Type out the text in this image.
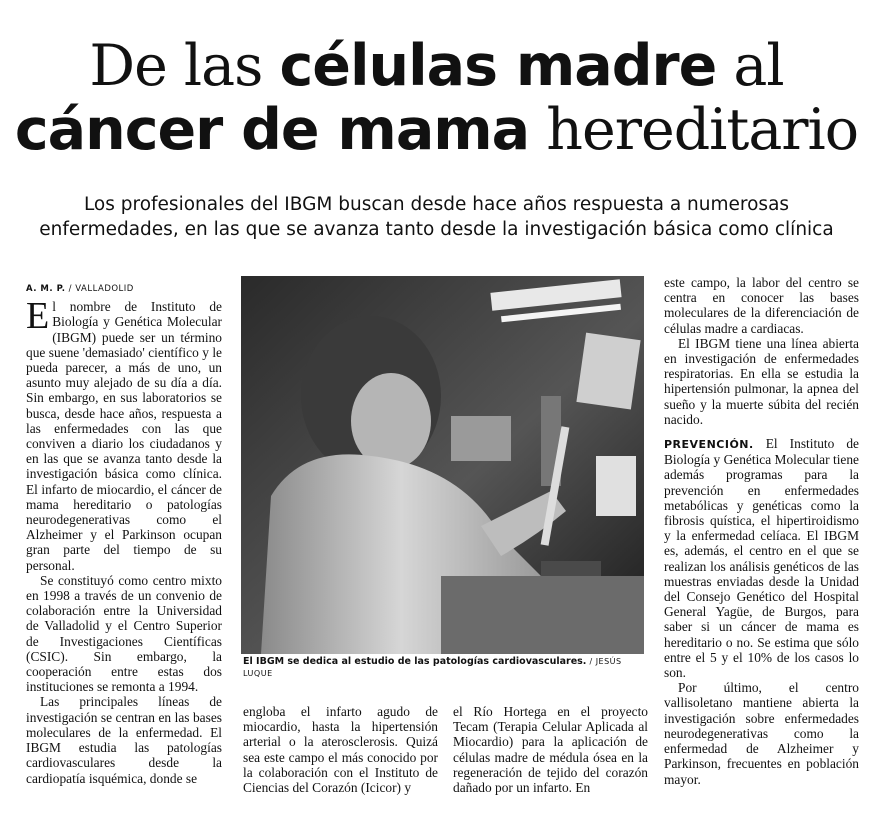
De las células madre al
cáncer de mama hereditario

Los profesionales del IBGM buscan desde hace años respuesta a numerosas
enfermedades, en las que se avanza tanto desde la investigación básica como clínica

A. M. P. / VALLADOLID

El nombre de Instituto de Biología y Genética Molecular (IBGM) puede ser un término que suene 'demasiado' científico y le pueda parecer, a más de uno, un asunto muy alejado de su día a día. Sin embargo, en sus laboratorios se busca, desde hace años, respuesta a las enfermedades con las que conviven a diario los ciudadanos y en las que se avanza tanto desde la investigación básica como clínica. El infarto de miocardio, el cáncer de mama hereditario o patologías neurodegenerativas como el Alzheimer y el Parkinson ocupan gran parte del tiempo de su personal.

Se constituyó como centro mixto en 1998 a través de un convenio de colaboración entre la Universidad de Valladolid y el Centro Superior de Investigaciones Científicas (CSIC). Sin embargo, la cooperación entre estas dos instituciones se remonta a 1994.

Las principales líneas de investigación se centran en las bases moleculares de la enfermedad. El IBGM estudia las patologías cardiovasculares desde la cardiopatía isquémica, donde se

El IBGM se dedica al estudio de las patologías cardiovasculares. / JESÚS LUQUE

engloba el infarto agudo de miocardio, hasta la hipertensión arterial o la aterosclerosis. Quizá sea este campo el más conocido por la colaboración con el Instituto de Ciencias del Corazón (Icicor) y

el Río Hortega en el proyecto Tecam (Terapia Celular Aplicada al Miocardio) para la aplicación de células madre de médula ósea en la regeneración de tejido del corazón dañado por un infarto. En

este campo, la labor del centro se centra en conocer las bases moleculares de la diferenciación de células madre a cardiacas.

El IBGM tiene una línea abierta en investigación de enfermedades respiratorias. En ella se estudia la hipertensión pulmonar, la apnea del sueño y la muerte súbita del recién nacido.

PREVENCIÓN. El Instituto de Biología y Genética Molecular tiene además programas para la prevención en enfermedades metabólicas y genéticas como la fibrosis quística, el hipertiroidismo y la enfermedad celíaca. El IBGM es, además, el centro en el que se realizan los análisis genéticos de las muestras enviadas desde la Unidad del Consejo Genético del Hospital General Yagüe, de Burgos, para saber si un cáncer de mama es hereditario o no. Se estima que sólo entre el 5 y el 10% de los casos lo son.

Por último, el centro vallisoletano mantiene abierta la investigación sobre enfermedades neurodegenerativas como la enfermedad de Alzheimer y Parkinson, frecuentes en población mayor.
